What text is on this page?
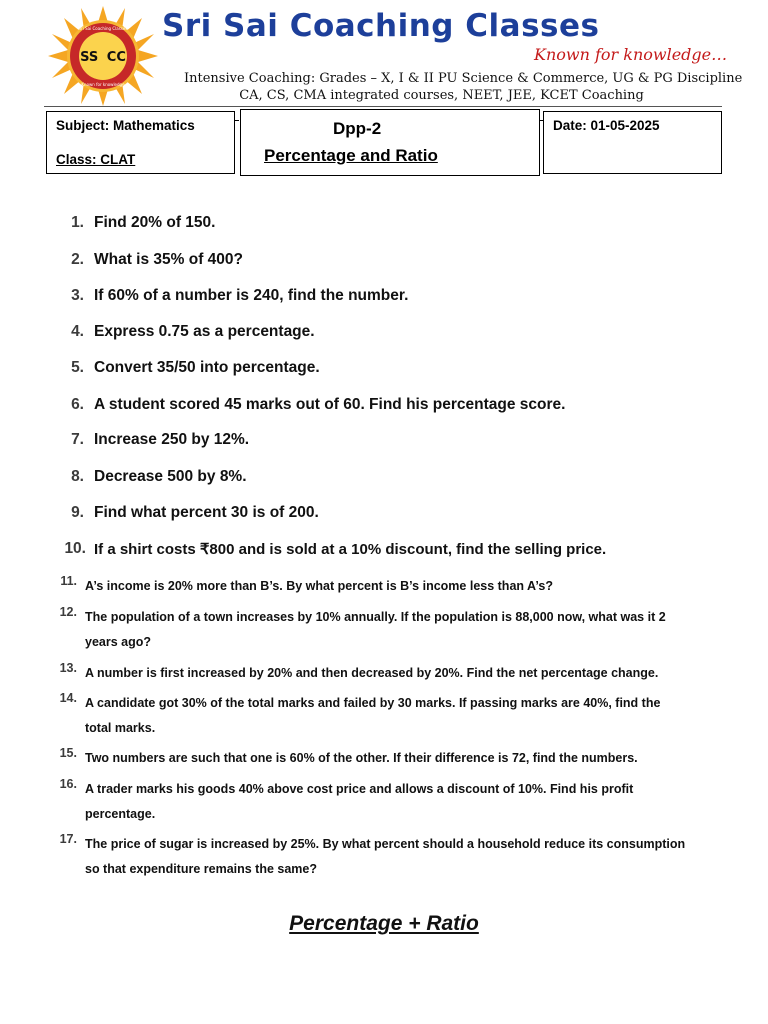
SS CC
Sri Sai Coaching Classes
Known for knowledge
Sri Sai Coaching Classes
Known for knowledge…
Intensive Coaching: Grades – X, I & II PU Science & Commerce, UG & PG Discipline
CA, CS, CMA integrated courses, NEET, JEE, KCET Coaching
Subject: Mathematics
Class: CLAT
Dpp-2
Percentage and Ratio
Date: 01-05-2025
1. Find 20% of 150.
2. What is 35% of 400?
3. If 60% of a number is 240, find the number.
4. Express 0.75 as a percentage.
5. Convert 35/50 into percentage.
6. A student scored 45 marks out of 60. Find his percentage score.
7. Increase 250 by 12%.
8. Decrease 500 by 8%.
9. Find what percent 30 is of 200.
10. If a shirt costs ₹800 and is sold at a 10% discount, find the selling price.
11. A’s income is 20% more than B’s. By what percent is B’s income less than A’s?
12. The population of a town increases by 10% annually. If the population is 88,000 now, what was it 2
years ago?
13. A number is first increased by 20% and then decreased by 20%. Find the net percentage change.
14. A candidate got 30% of the total marks and failed by 30 marks. If passing marks are 40%, find the
total marks.
15. Two numbers are such that one is 60% of the other. If their difference is 72, find the numbers.
16. A trader marks his goods 40% above cost price and allows a discount of 10%. Find his profit
percentage.
17. The price of sugar is increased by 25%. By what percent should a household reduce its consumption
so that expenditure remains the same?
Percentage + Ratio
